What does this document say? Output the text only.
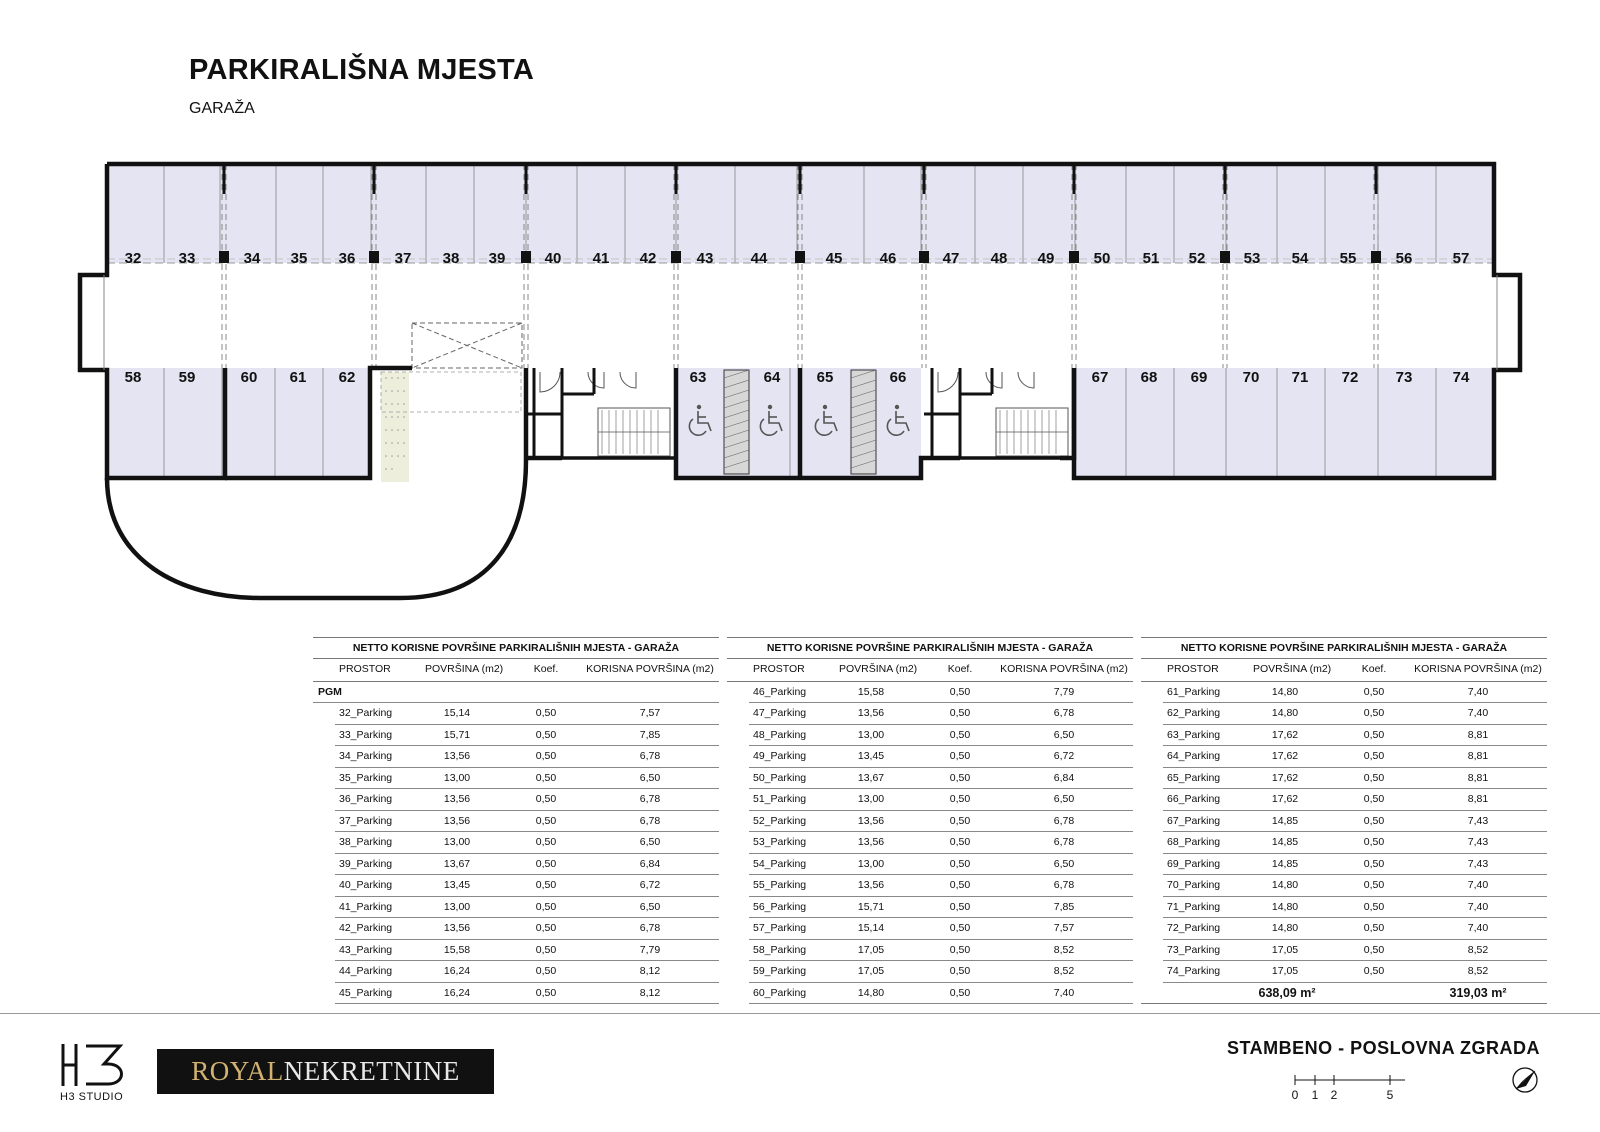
PARKIRALIŠNA MJESTA
GARAŽA
32 33	34 35 36	37 38 39	40 41 42	43 44	45 46	47 48 49	50 51 52	53 54 55	56	57
58 59	60 61 62	63	64 65	66	67 68 69 70 71 72 73	74
NETTO KORISNE POVRŠINE PARKIRALIŠNIH MJESTA - GARAŽA
PROSTOR	POVRŠINA (m2)	Koef.	KORISNA POVRŠINA (m2)
PGM
32_Parking	15,14	0,50	7,57
33_Parking	15,71	0,50	7,85
34_Parking	13,56	0,50	6,78
35_Parking	13,00	0,50	6,50
36_Parking	13,56	0,50	6,78
37_Parking	13,56	0,50	6,78
38_Parking	13,00	0,50	6,50
39_Parking	13,67	0,50	6,84
40_Parking	13,45	0,50	6,72
41_Parking	13,00	0,50	6,50
42_Parking	13,56	0,50	6,78
43_Parking	15,58	0,50	7,79
44_Parking	16,24	0,50	8,12
45_Parking	16,24	0,50	8,12
NETTO KORISNE POVRŠINE PARKIRALIŠNIH MJESTA - GARAŽA
PROSTOR	POVRŠINA (m2)	Koef.	KORISNA POVRŠINA (m2)
46_Parking	15,58	0,50	7,79
47_Parking	13,56	0,50	6,78
48_Parking	13,00	0,50	6,50
49_Parking	13,45	0,50	6,72
50_Parking	13,67	0,50	6,84
51_Parking	13,00	0,50	6,50
52_Parking	13,56	0,50	6,78
53_Parking	13,56	0,50	6,78
54_Parking	13,00	0,50	6,50
55_Parking	13,56	0,50	6,78
56_Parking	15,71	0,50	7,85
57_Parking	15,14	0,50	7,57
58_Parking	17,05	0,50	8,52
59_Parking	17,05	0,50	8,52
60_Parking	14,80	0,50	7,40
NETTO KORISNE POVRŠINE PARKIRALIŠNIH MJESTA - GARAŽA
PROSTOR	POVRŠINA (m2)	Koef.	KORISNA POVRŠINA (m2)
61_Parking	14,80	0,50	7,40
62_Parking	14,80	0,50	7,40
63_Parking	17,62	0,50	8,81
64_Parking	17,62	0,50	8,81
65_Parking	17,62	0,50	8,81
66_Parking	17,62	0,50	8,81
67_Parking	14,85	0,50	7,43
68_Parking	14,85	0,50	7,43
69_Parking	14,85	0,50	7,43
70_Parking	14,80	0,50	7,40
71_Parking	14,80	0,50	7,40
72_Parking	14,80	0,50	7,40
73_Parking	17,05	0,50	8,52
74_Parking	17,05	0,50	8,52
638,09 m²	319,03 m²
H3 STUDIO
ROYAL NEKRETNINE
STAMBENO - POSLOVNA ZGRADA
0 1 2	5
